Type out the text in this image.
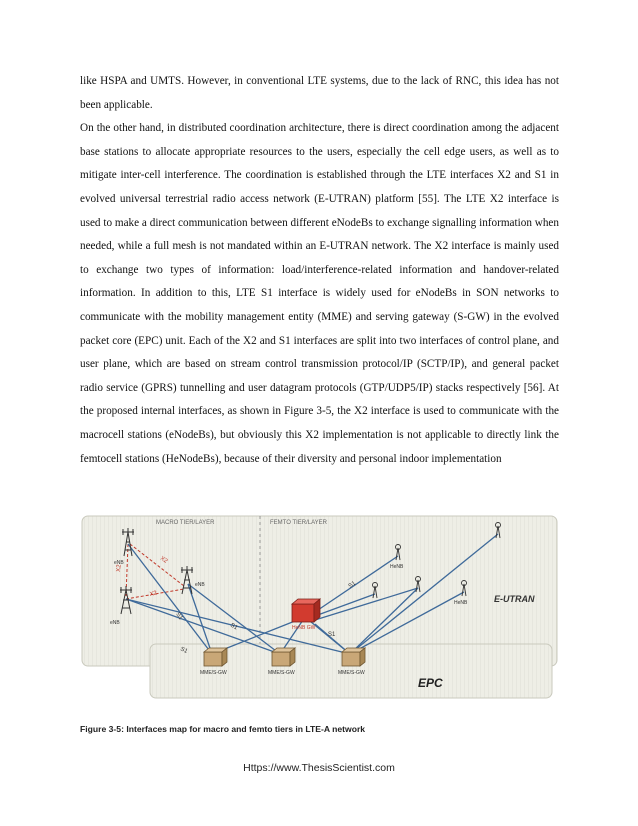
like HSPA and UMTS. However, in conventional LTE systems, due to the lack of RNC, this idea has not been applicable.

On the other hand, in distributed coordination architecture, there is direct coordination among the adjacent base stations to allocate appropriate resources to the users, especially the cell edge users, as well as to mitigate inter-cell interference. The coordination is established through the LTE interfaces X2 and S1 in evolved universal terrestrial radio access network (E-UTRAN) platform [55]. The LTE X2 interface is used to make a direct communication between different eNodeBs to exchange signalling information when needed, while a full mesh is not mandated within an E-UTRAN network. The X2 interface is mainly used to exchange two types of information: load/interference-related information and handover-related information. In addition to this, LTE S1 interface is widely used for eNodeBs in SON networks to communicate with the mobility management entity (MME) and serving gateway (S-GW) in the evolved packet core (EPC) unit. Each of the X2 and S1 interfaces are split into two interfaces of control plane, and user plane, which are based on stream control transmission protocol/IP (SCTP/IP), and general packet radio service (GPRS) tunnelling and user datagram protocols (GTP/UDP5/IP) stacks respectively [56]. At the proposed internal interfaces, as shown in Figure 3-5, the X2 interface is used to communicate with the macrocell stations (eNodeBs), but obviously this X2 implementation is not applicable to directly link the femtocell stations (HeNodeBs), because of their diversity and personal indoor implementation

MACRO TIER/LAYER	FEMTO TIER/LAYER
E-UTRAN
EPC
X2
X2
X2
S1
S1
S1
S1
S1
eNB
eNB
eNB
HeNB GW
HeNB
HeNB
MME/S-GW	MME/S-GW	MME/S-GW
Figure 3-5: Interfaces map for macro and femto tiers in LTE-A network
Https://www.ThesisScientist.com
